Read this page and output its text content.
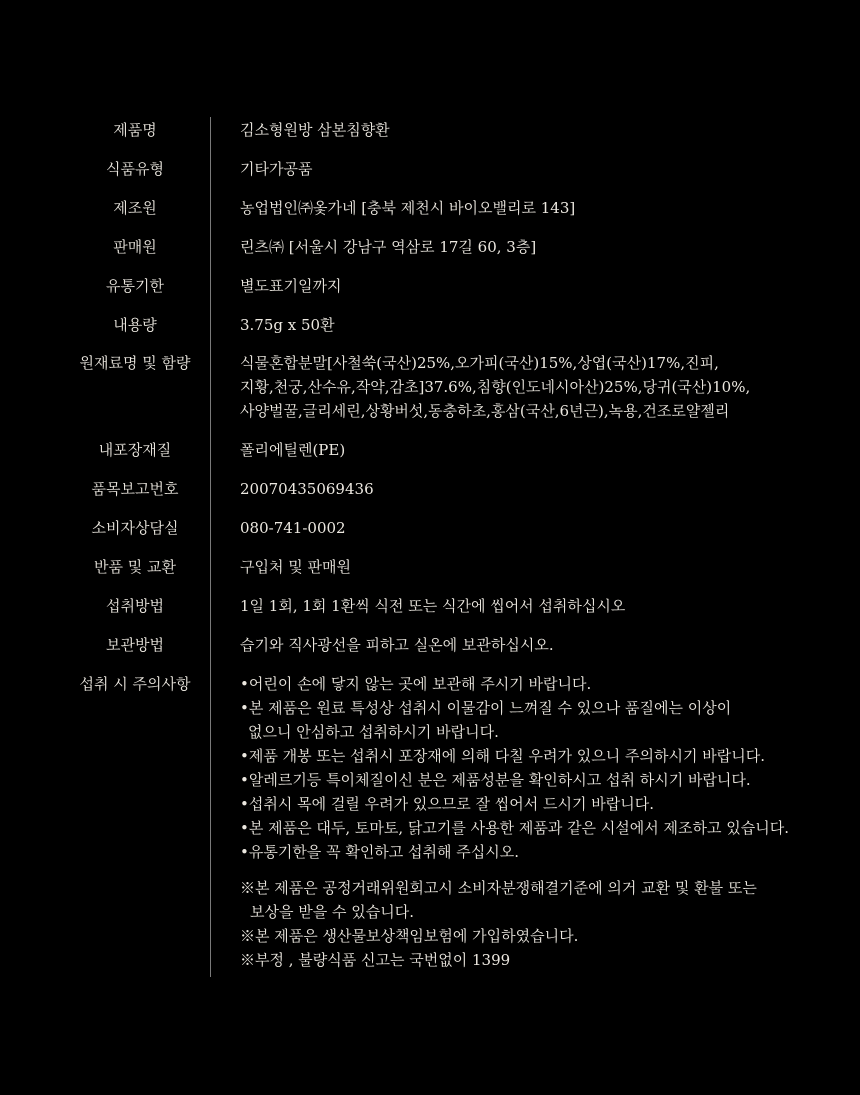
제품명	김소형원방 삼본침향환
식품유형	기타가공품
제조원	농업법인㈜옻가네 [충북 제천시 바이오밸리로 143]
판매원	린츠㈜ [서울시 강남구 역삼로 17길 60, 3층]
유통기한	별도표기일까지
내용량	3.75g x 50환
원재료명 및 함량	식물혼합분말[사철쑥(국산)25%,오가피(국산)15%,상엽(국산)17%,진피,
지황,천궁,산수유,작약,감초]37.6%,침향(인도네시아산)25%,당귀(국산)10%,
사양벌꿀,글리세린,상황버섯,동충하초,홍삼(국산,6년근),녹용,건조로얄젤리
내포장재질	폴리에틸렌(PE)
품목보고번호	20070435069436
소비자상담실	080-741-0002
반품 및 교환	구입처 및 판매원
섭취방법	1일 1회, 1회 1환씩 식전 또는 식간에 씹어서 섭취하십시오
보관방법	습기와 직사광선을 피하고 실온에 보관하십시오.
섭취 시 주의사항	•어린이 손에 닿지 않는 곳에 보관해 주시기 바랍니다.
•본 제품은 원료 특성상 섭취시 이물감이 느껴질 수 있으나 품질에는 이상이
없으니 안심하고 섭취하시기 바랍니다.
•제품 개봉 또는 섭취시 포장재에 의해 다칠 우려가 있으니 주의하시기 바랍니다.
•알레르기등 특이체질이신 분은 제품성분을 확인하시고 섭취 하시기 바랍니다.
•섭취시 목에 걸릴 우려가 있으므로 잘 씹어서 드시기 바랍니다.
•본 제품은 대두, 토마토, 닭고기를 사용한 제품과 같은 시설에서 제조하고 있습니다.
•유통기한을 꼭 확인하고 섭취해 주십시오.
※본 제품은 공정거래위원회고시 소비자분쟁해결기준에 의거 교환 및 환불 또는
보상을 받을 수 있습니다.
※본 제품은 생산물보상책임보험에 가입하였습니다.
※부정 , 불량식품 신고는 국번없이 1399
